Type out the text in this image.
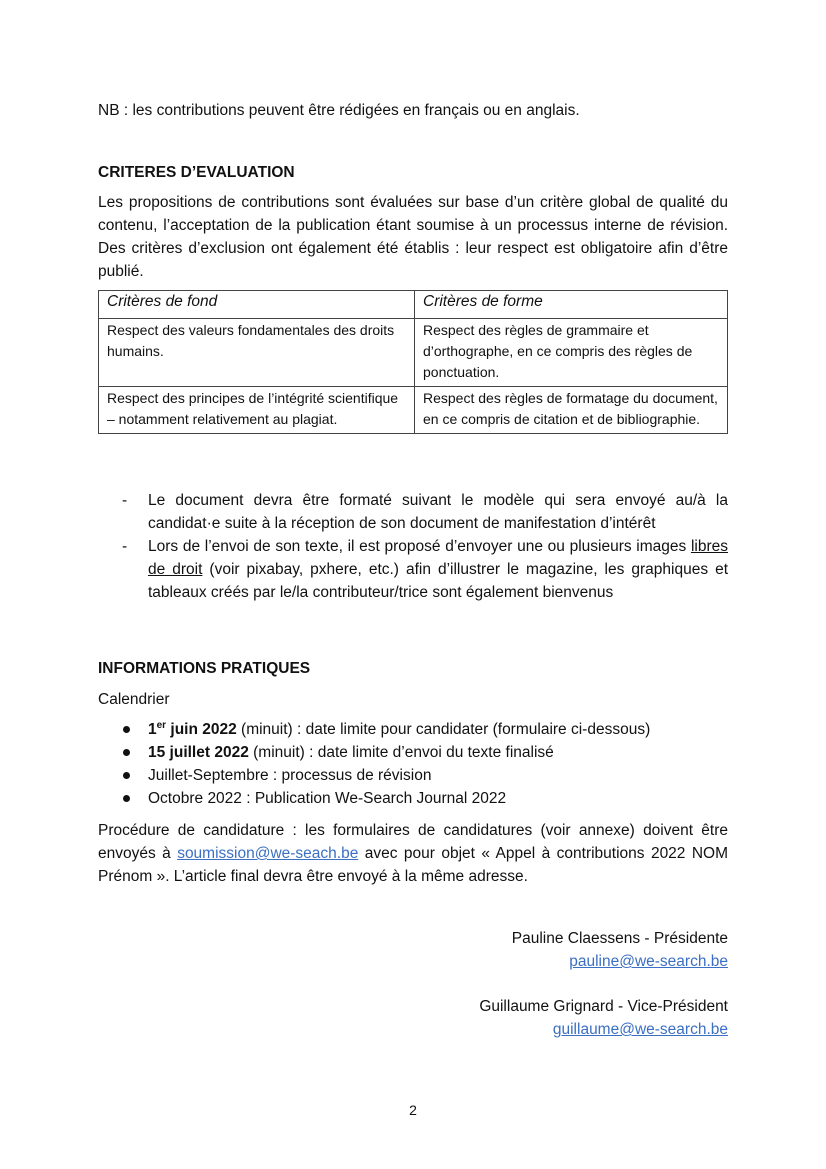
NB : les contributions peuvent être rédigées en français ou en anglais.

CRITERES D’EVALUATION

Les propositions de contributions sont évaluées sur base d’un critère global de qualité du contenu, l’acceptation de la publication étant soumise à un processus interne de révision. Des critères d’exclusion ont également été établis : leur respect est obligatoire afin d’être publié.

Critères de fond	Critères de forme
Respect des valeurs fondamentales des droits humains.	Respect des règles de grammaire et d’orthographe, en ce compris des règles de ponctuation.
Respect des principes de l’intégrité scientifique – notamment relativement au plagiat.	Respect des règles de formatage du document, en ce compris de citation et de bibliographie.
- Le document devra être formaté suivant le modèle qui sera envoyé au/à la candidat·e suite à la réception de son document de manifestation d’intérêt
- Lors de l’envoi de son texte, il est proposé d’envoyer une ou plusieurs images libres de droit (voir pixabay, pxhere, etc.) afin d’illustrer le magazine, les graphiques et tableaux créés par le/la contributeur/trice sont également bienvenus

INFORMATIONS PRATIQUES

Calendrier

1er juin 2022 (minuit) : date limite pour candidater (formulaire ci-dessous)
15 juillet 2022 (minuit) : date limite d’envoi du texte finalisé
Juillet-Septembre : processus de révision
Octobre 2022 : Publication We-Search Journal 2022

Procédure de candidature : les formulaires de candidatures (voir annexe) doivent être envoyés à soumission@we-seach.be avec pour objet « Appel à contributions 2022 NOM Prénom ». L’article final devra être envoyé à la même adresse.

Pauline Claessens - Présidente

pauline@we-search.be

Guillaume Grignard - Vice-Président

guillaume@we-search.be

2
